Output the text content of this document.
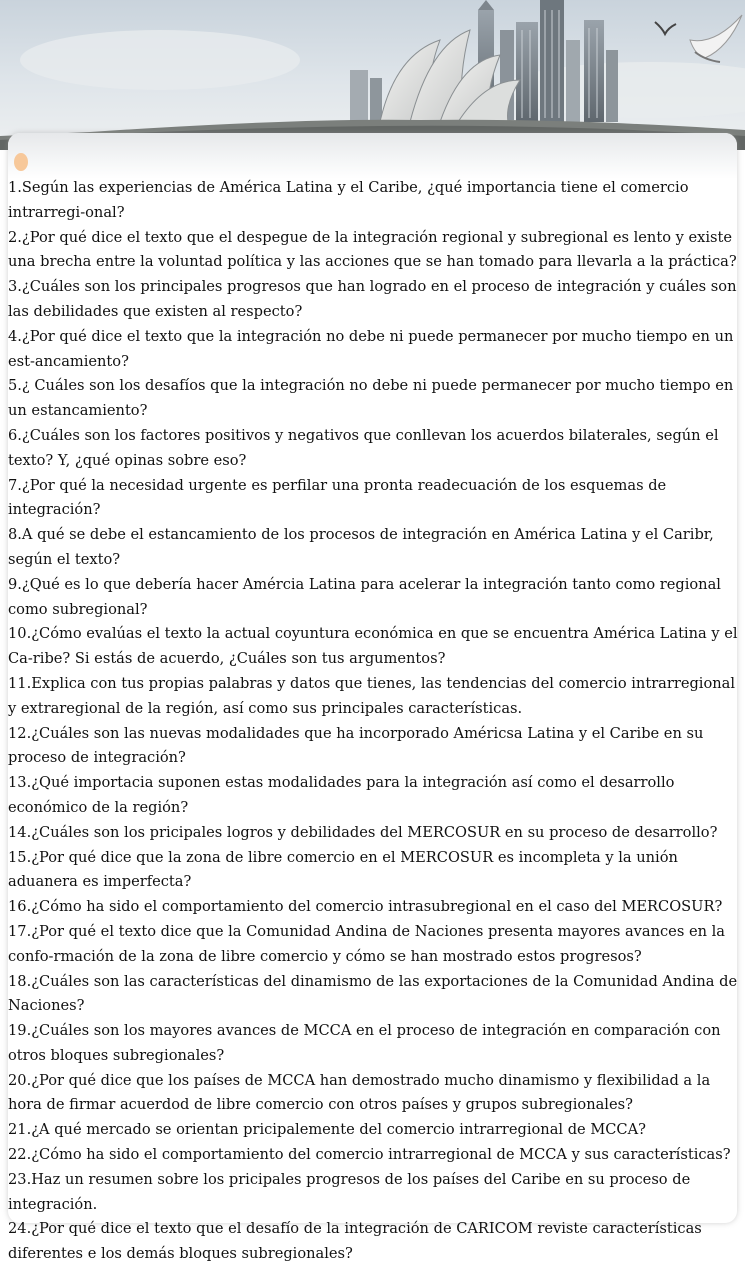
1.Según las experiencias de América Latina y el Caribe, ¿qué importancia tiene el comercio intrarregi-onal?
2.¿Por qué dice el texto que el despegue de la integración regional y subregional es lento y existe una brecha entre la voluntad política y las acciones que se han tomado para llevarla a la práctica?
3.¿Cuáles son los principales progresos que han logrado en el proceso de integración y cuáles son las debilidades que existen al respecto?
4.¿Por qué dice el texto que la integración no debe ni puede permanecer por mucho tiempo en un est-ancamiento?
5.¿ Cuáles son los desafíos que la integración no debe ni puede permanecer por mucho tiempo en un estancamiento?
6.¿Cuáles son los factores positivos y negativos que conllevan los acuerdos bilaterales, según el texto? Y, ¿qué opinas sobre eso?
7.¿Por qué la necesidad urgente es perfilar una pronta readecuación de los esquemas de integración?
8.A qué se debe el estancamiento de los procesos de integración en América Latina y el Caribr, según el texto?
9.¿Qué es lo que debería hacer Amércia Latina para acelerar la integración tanto como regional como subregional?
10.¿Cómo evalúas el texto la actual coyuntura económica en que se encuentra América Latina y el Ca-ribe? Si estás de acuerdo, ¿Cuáles son tus argumentos?
11.Explica con tus propias palabras y datos que tienes, las tendencias del comercio intrarregional y extraregional de la región, así como sus principales características.
12.¿Cuáles son las nuevas modalidades que ha incorporado Américsa Latina y el Caribe en su proceso de integración?
13.¿Qué importacia suponen estas modalidades para la integración así como el desarrollo económico de la región?
14.¿Cuáles son los pricipales logros y debilidades del MERCOSUR en su proceso de desarrollo?
15.¿Por qué dice que la zona de libre comercio en el MERCOSUR es incompleta y la unión aduanera es imperfecta?
16.¿Cómo ha sido el comportamiento del comercio intrasubregional en el caso del MERCOSUR?
17.¿Por qué el texto dice que la Comunidad Andina de Naciones presenta mayores avances en la confo-rmación de la zona de libre comercio y cómo se han mostrado estos progresos?
18.¿Cuáles son las características del dinamismo de las exportaciones de la Comunidad Andina de Naciones?
19.¿Cuáles son los mayores avances de MCCA en el proceso de integración en comparación con otros bloques subregionales?
20.¿Por qué dice que los países de MCCA han demostrado mucho dinamismo y flexibilidad a la hora de firmar acuerdod de libre comercio con otros países y grupos subregionales?
21.¿A qué mercado se orientan pricipalemente del comercio intrarregional de MCCA?
22.¿Cómo ha sido el comportamiento del comercio intrarregional de MCCA y sus características?
23.Haz un resumen sobre los pricipales progresos de los países del Caribe en su proceso de integración.
24.¿Por qué dice el texto que el desafío de la integración de CARICOM reviste características diferentes e los demás bloques subregionales?
